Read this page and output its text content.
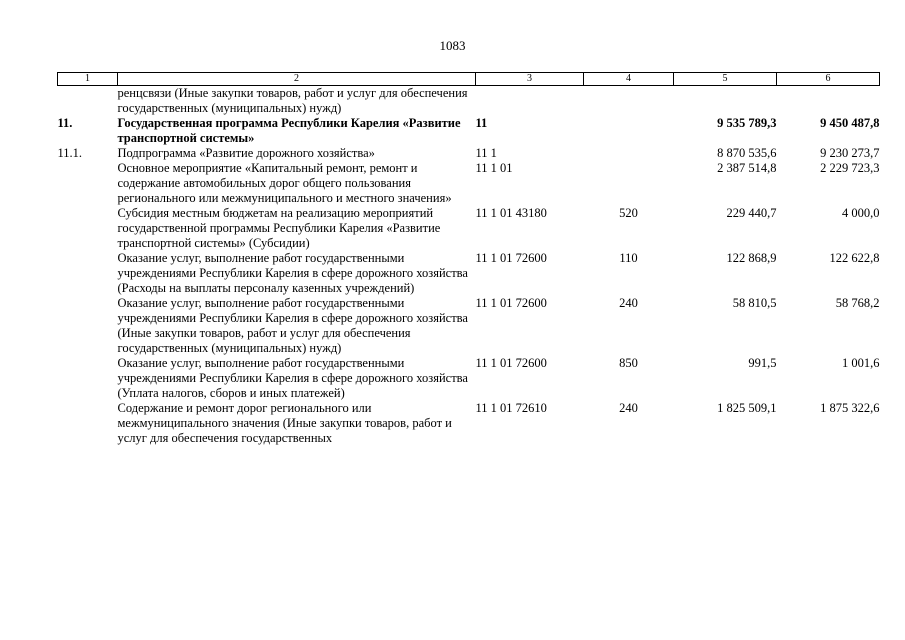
1083
1	2	3	4	5	6
	ренцсвязи (Иные закупки товаров, работ и услуг для обеспечения государственных (муниципальных) нужд)				
11.	Государственная программа Республики Карелия «Развитие транспортной системы»	11		9 535 789,3	9 450 487,8
11.1.	Подпрограмма «Развитие дорожного хозяйства»	11 1		8 870 535,6	9 230 273,7
	Основное мероприятие «Капитальный ремонт, ремонт и содержание автомобильных дорог общего пользования регионального или межмуниципального и местного значения»	11 1 01		2 387 514,8	2 229 723,3
	Субсидия местным бюджетам на реализацию мероприятий государственной программы Республики Карелия «Развитие транспортной системы» (Субсидии)	11 1 01 43180	520	229 440,7	4 000,0
	Оказание услуг, выполнение работ государственными учреждениями Республики Карелия в сфере дорожного хозяйства (Расходы на выплаты персоналу казенных учреждений)	11 1 01 72600	110	122 868,9	122 622,8
	Оказание услуг, выполнение работ государственными учреждениями Республики Карелия в сфере дорожного хозяйства (Иные закупки товаров, работ и услуг для обеспечения государственных (муниципальных) нужд)	11 1 01 72600	240	58 810,5	58 768,2
	Оказание услуг, выполнение работ государственными учреждениями Республики Карелия в сфере дорожного хозяйства (Уплата налогов, сборов и иных платежей)	11 1 01 72600	850	991,5	1 001,6
	Содержание и ремонт дорог регионального или межмуниципального значения (Иные закупки товаров, работ и услуг для обеспечения государственных	11 1 01 72610	240	1 825 509,1	1 875 322,6
